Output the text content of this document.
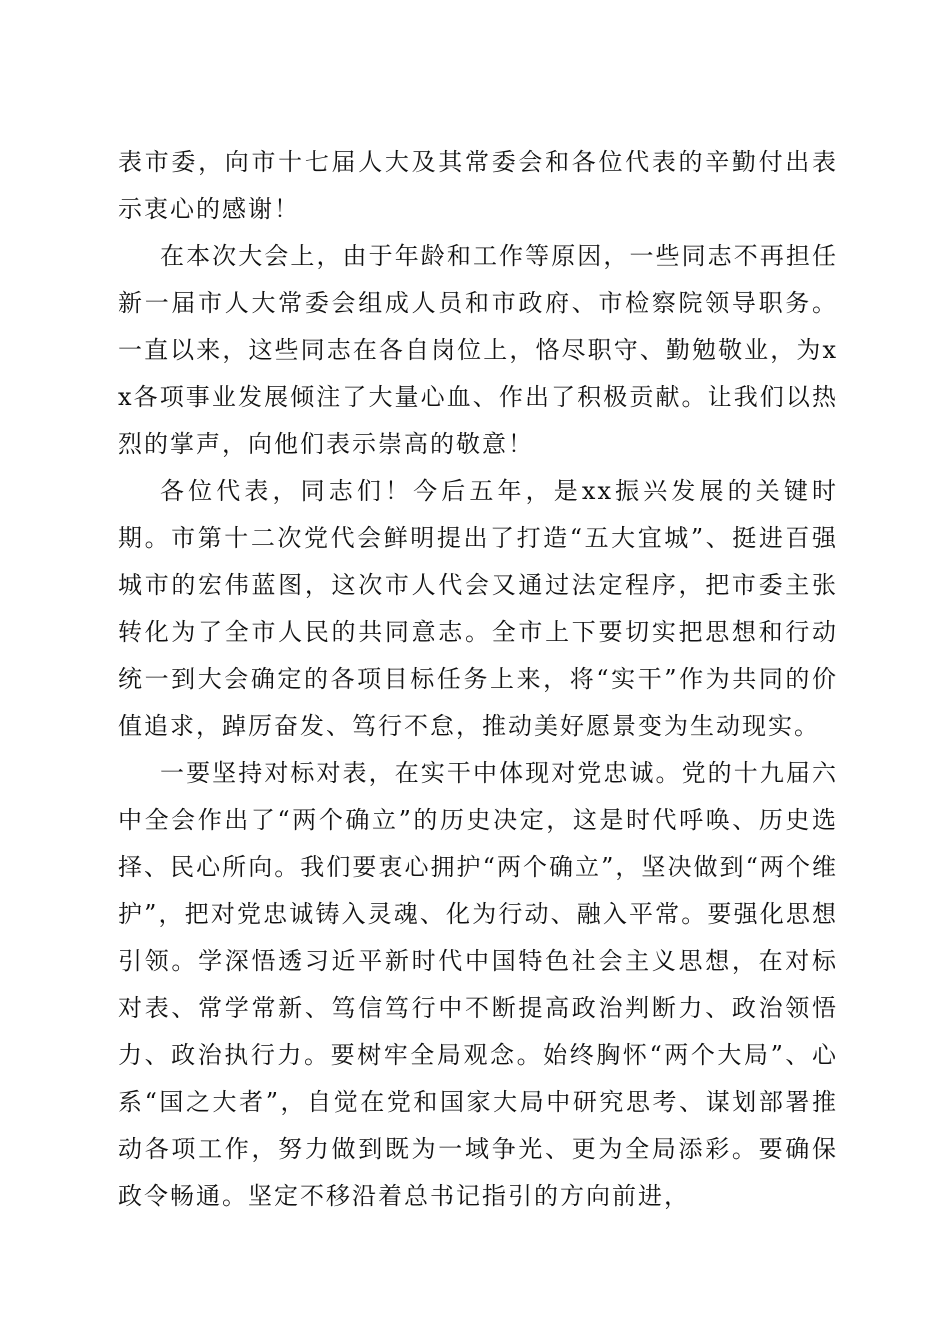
表市委，向市十七届人大及其常委会和各位代表的辛勤付出表示衷心的感谢！

在本次大会上，由于年龄和工作等原因，一些同志不再担任新一届市人大常委会组成人员和市政府、市检察院领导职务。一直以来，这些同志在各自岗位上，恪尽职守、勤勉敬业，为xx各项事业发展倾注了大量心血、作出了积极贡献。让我们以热烈的掌声，向他们表示崇高的敬意！

各位代表，同志们！今后五年，是xx振兴发展的关键时期。市第十二次党代会鲜明提出了打造“五大宜城”、挺进百强城市的宏伟蓝图，这次市人代会又通过法定程序，把市委主张转化为了全市人民的共同意志。全市上下要切实把思想和行动统一到大会确定的各项目标任务上来，将“实干”作为共同的价值追求，踔厉奋发、笃行不怠，推动美好愿景变为生动现实。

一要坚持对标对表，在实干中体现对党忠诚。党的十九届六中全会作出了“两个确立”的历史决定，这是时代呼唤、历史选择、民心所向。我们要衷心拥护“两个确立”，坚决做到“两个维护”，把对党忠诚铸入灵魂、化为行动、融入平常。要强化思想引领。学深悟透习近平新时代中国特色社会主义思想，在对标对表、常学常新、笃信笃行中不断提高政治判断力、政治领悟力、政治执行力。要树牢全局观念。始终胸怀“两个大局”、心系“国之大者”，自觉在党和国家大局中研究思考、谋划部署推动各项工作，努力做到既为一域争光、更为全局添彩。要确保政令畅通。坚定不移沿着总书记指引的方向前进，
